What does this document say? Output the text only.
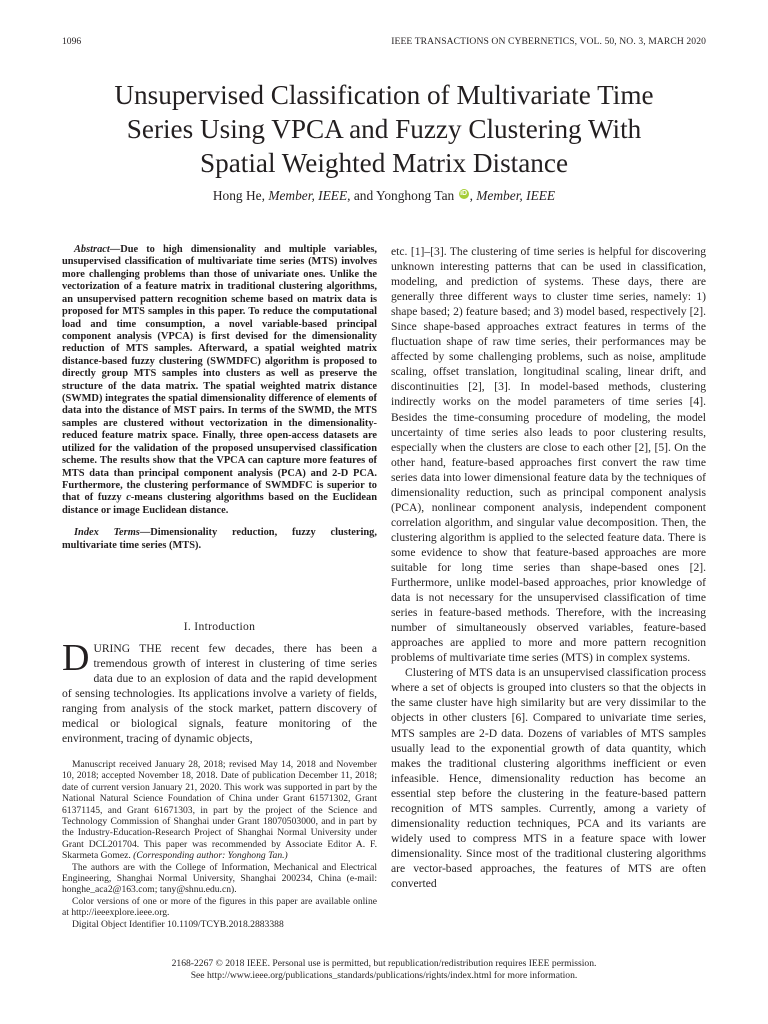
1096	IEEE TRANSACTIONS ON CYBERNETICS, VOL. 50, NO. 3, MARCH 2020
Unsupervised Classification of Multivariate Time
Series Using VPCA and Fuzzy Clustering With
Spatial Weighted Matrix Distance
Hong He, Member, IEEE, and Yonghong Tan iD , Member, IEEE

Abstract—Due to high dimensionality and multiple variables, unsupervised classification of multivariate time series (MTS) involves more challenging problems than those of univariate ones. Unlike the vectorization of a feature matrix in traditional clustering algorithms, an unsupervised pattern recognition scheme based on matrix data is proposed for MTS samples in this paper. To reduce the computational load and time consumption, a novel variable-based principal component analysis (VPCA) is first devised for the dimensionality reduction of MTS samples. Afterward, a spatial weighted matrix distance-based fuzzy clustering (SWMDFC) algorithm is proposed to directly group MTS samples into clusters as well as preserve the structure of the data matrix. The spatial weighted matrix distance (SWMD) integrates the spatial dimensionality difference of elements of data into the distance of MST pairs. In terms of the SWMD, the MTS samples are clustered without vectorization in the dimensionality-reduced feature matrix space. Finally, three open-access datasets are utilized for the validation of the proposed unsupervised classification scheme. The results show that the VPCA can capture more features of MTS data than principal component analysis (PCA) and 2-D PCA. Furthermore, the clustering performance of SWMDFC is superior to that of fuzzy c-means clustering algorithms based on the Euclidean distance or image Euclidean distance.

Index Terms—Dimensionality reduction, fuzzy clustering, multivariate time series (MTS).

I. Introduction

DURING THE recent few decades, there has been a tremendous growth of interest in clustering of time series data due to an explosion of data and the rapid development of sensing technologies. Its applications involve a variety of fields, ranging from analysis of the stock market, pattern discovery of medical or biological signals, feature monitoring of the environment, tracing of dynamic objects,

Manuscript received January 28, 2018; revised May 14, 2018 and November 10, 2018; accepted November 18, 2018. Date of publication December 11, 2018; date of current version January 21, 2020. This work was supported in part by the National Natural Science Foundation of China under Grant 61571302, Grant 61371145, and Grant 61671303, in part by the project of the Science and Technology Commission of Shanghai under Grant 18070503000, and in part by the Industry-Education-Research Project of Shanghai Normal University under Grant DCL201704. This paper was recommended by Associate Editor A. F. Skarmeta Gomez. (Corresponding author: Yonghong Tan.)

The authors are with the College of Information, Mechanical and Electrical Engineering, Shanghai Normal University, Shanghai 200234, China (e-mail: honghe_aca2@163.com; tany@shnu.edu.cn).

Color versions of one or more of the figures in this paper are available online at http://ieeexplore.ieee.org.

Digital Object Identifier 10.1109/TCYB.2018.2883388

etc. [1]–[3]. The clustering of time series is helpful for discovering unknown interesting patterns that can be used in classification, modeling, and prediction of systems. These days, there are generally three different ways to cluster time series, namely: 1) shape based; 2) feature based; and 3) model based, respectively [2]. Since shape-based approaches extract features in terms of the fluctuation shape of raw time series, their performances may be affected by some challenging problems, such as noise, amplitude scaling, offset translation, longitudinal scaling, linear drift, and discontinuities [2], [3]. In model-based methods, clustering indirectly works on the model parameters of time series [4]. Besides the time-consuming procedure of modeling, the model uncertainty of time series also leads to poor clustering results, especially when the clusters are close to each other [2], [5]. On the other hand, feature-based approaches first convert the raw time series data into lower dimensional feature data by the techniques of dimensionality reduction, such as principal component analysis (PCA), nonlinear component analysis, independent component correlation algorithm, and singular value decomposition. Then, the clustering algorithm is applied to the selected feature data. There is some evidence to show that feature-based approaches are more suitable for long time series than shape-based ones [2]. Furthermore, unlike model-based approaches, prior knowledge of data is not necessary for the unsupervised classification of time series in feature-based methods. Therefore, with the increasing number of simultaneously observed variables, feature-based approaches are applied to more and more pattern recognition problems of multivariate time series (MTS) in complex systems.

Clustering of MTS data is an unsupervised classification process where a set of objects is grouped into clusters so that the objects in the same cluster have high similarity but are very dissimilar to the objects in other clusters [6]. Compared to univariate time series, MTS samples are 2-D data. Dozens of variables of MTS samples usually lead to the exponential growth of data quantity, which makes the traditional clustering algorithms inefficient or even infeasible. Hence, dimensionality reduction has become an essential step before the clustering in the feature-based pattern recognition of MTS samples. Currently, among a variety of dimensionality reduction techniques, PCA and its variants are widely used to compress MTS in a feature space with lower dimensionality. Since most of the traditional clustering algorithms are vector-based approaches, the features of MTS are often converted

2168-2267 © 2018 IEEE. Personal use is permitted, but republication/redistribution requires IEEE permission.
See http://www.ieee.org/publications_standards/publications/rights/index.html for more information.
